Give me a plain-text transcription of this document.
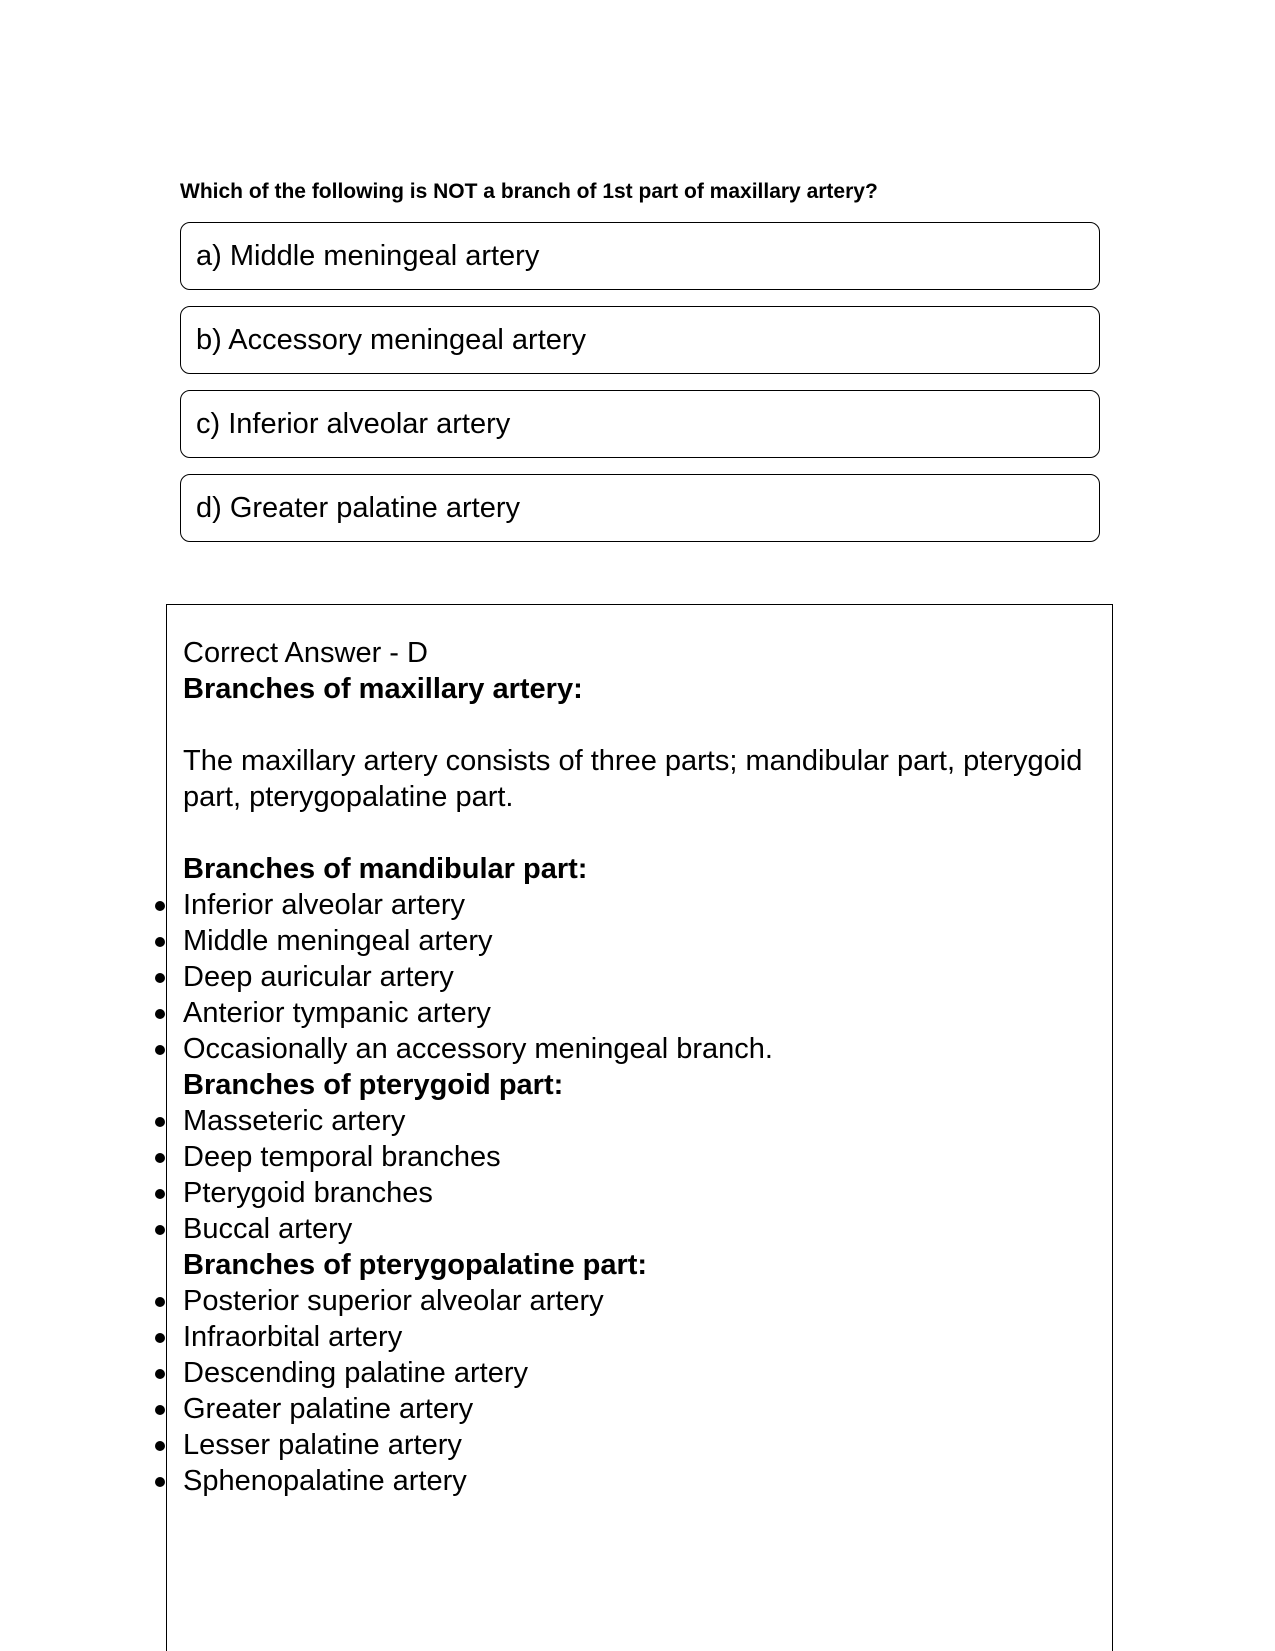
Which of the following is NOT a branch of 1st part of maxillary artery?

a) Middle meningeal artery
b) Accessory meningeal artery
c) Inferior alveolar artery
d) Greater palatine artery

Correct Answer - D

Branches of maxillary artery:

The maxillary artery consists of three parts; mandibular part, pterygoid part, pterygopalatine part.

Branches of mandibular part:

Inferior alveolar artery
Middle meningeal artery
Deep auricular artery
Anterior tympanic artery
Occasionally an accessory meningeal branch.

Branches of pterygoid part:

Masseteric artery
Deep temporal branches
Pterygoid branches
Buccal artery

Branches of pterygopalatine part:

Posterior superior alveolar artery
Infraorbital artery
Descending palatine artery
Greater palatine artery
Lesser palatine artery
Sphenopalatine artery
